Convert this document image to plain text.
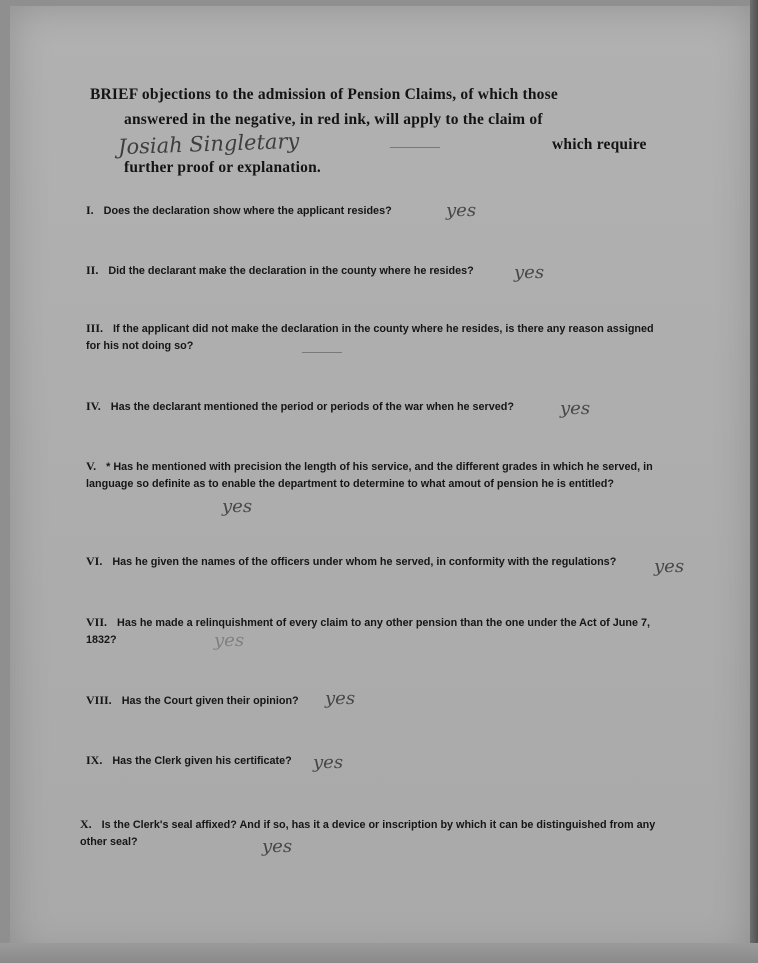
BRIEF objections to the admission of Pension Claims, of which those
answered in the negative, in red ink, will apply to the claim of
Josiah Singletary	which require
further proof or explanation.
I. Does the declaration show where the applicant resides?	yes
II. Did the declarant make the declaration in the county where he resides?	yes
III. If the applicant did not make the declaration in the county where he resides, is there any reason assigned for his not doing so?
IV. Has the declarant mentioned the period or periods of the war when he served?	yes
V. * Has he mentioned with precision the length of his service, and the different grades in which he served, in language so definite as to enable the department to determine to what amout of pension he is entitled?
yes
VI. Has he given the names of the officers under whom he served, in conformity with the regulations?	yes
VII. Has he made a relinquishment of every claim to any other pension than the one under the Act of June 7, 1832?	yes
VIII. Has the Court given their opinion?	yes
IX. Has the Clerk given his certificate?	yes
X. Is the Clerk's seal affixed? And if so, has it a device or inscription by which it can be distinguished from any other seal?	yes
